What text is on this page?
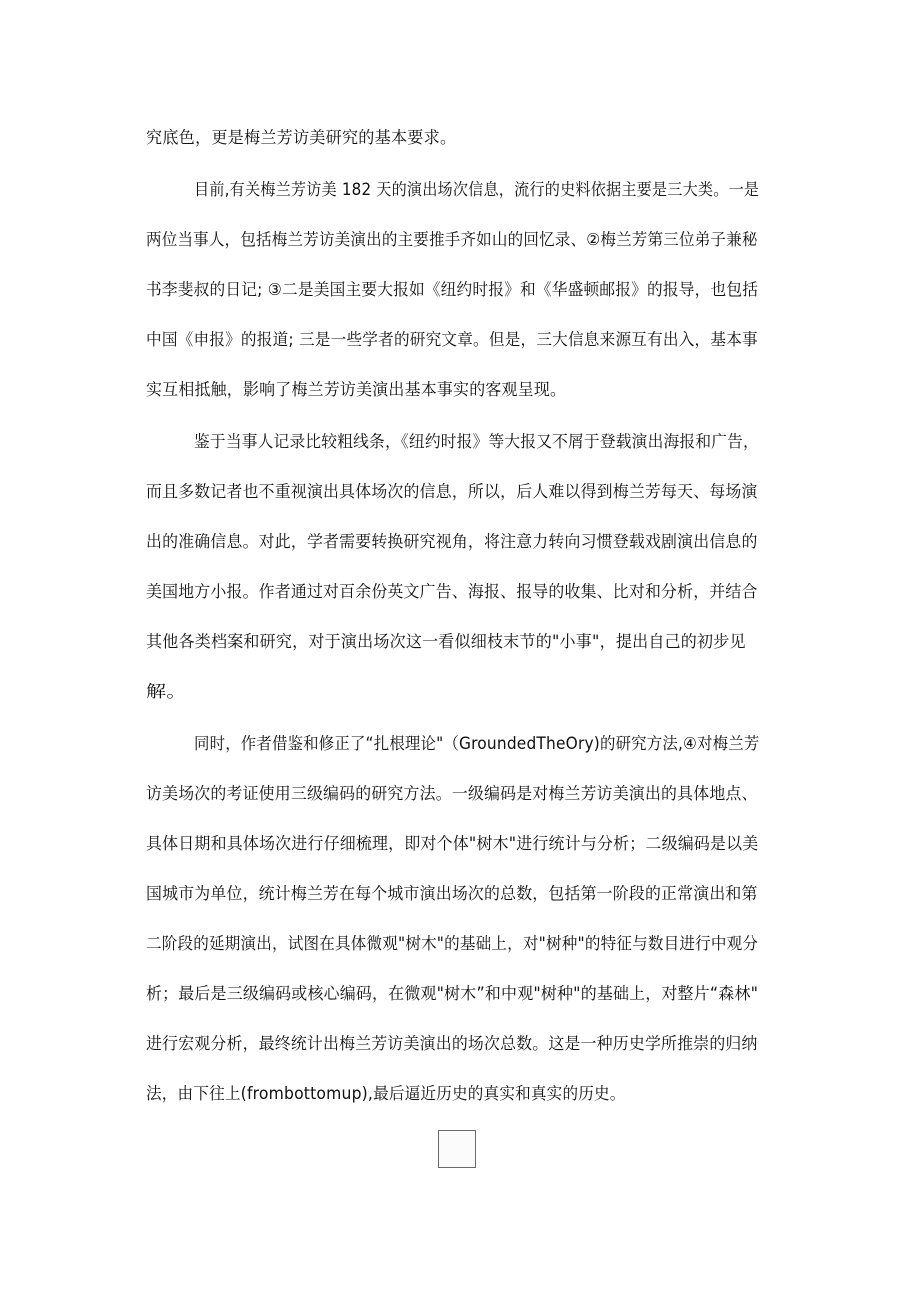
究底色，更是梅兰芳访美研究的基本要求。
目前,有关梅兰芳访美 182 天的演出场次信息，流行的史料依据主要是三大类。一是
两位当事人，包括梅兰芳访美演出的主要推手齐如山的回忆录、②梅兰芳第三位弟子兼秘
书李斐叔的日记; ③二是美国主要大报如《纽约时报》和《华盛顿邮报》的报导，也包括
中国《申报》的报道; 三是一些学者的研究文章。但是，三大信息来源互有出入，基本事
实互相抵触，影响了梅兰芳访美演出基本事实的客观呈现。
鉴于当事人记录比较粗线条，《纽约时报》等大报又不屑于登载演出海报和广告，
而且多数记者也不重视演出具体场次的信息，所以，后人难以得到梅兰芳每天、每场演
出的准确信息。对此，学者需要转换研究视角，将注意力转向习惯登载戏剧演出信息的
美国地方小报。作者通过对百余份英文广告、海报、报导的收集、比对和分析，并结合
其他各类档案和研究，对于演出场次这一看似细枝末节的"小事"，提出自己的初步见
解。
同时，作者借鉴和修正了“扎根理论"（GroundedTheOry)的研究方法,④对梅兰芳
访美场次的考证使用三级编码的研究方法。一级编码是对梅兰芳访美演出的具体地点、
具体日期和具体场次进行仔细梳理，即对个体"树木"进行统计与分析；二级编码是以美
国城市为单位，统计梅兰芳在每个城市演出场次的总数，包括第一阶段的正常演出和第
二阶段的延期演出，试图在具体微观"树木"的基础上，对"树种"的特征与数目进行中观分
析；最后是三级编码或核心编码，在微观"树木”和中观"树种"的基础上，对整片“森林"
进行宏观分析，最终统计出梅兰芳访美演出的场次总数。这是一种历史学所推崇的归纳
法，由下往上(frombottomup),最后逼近历史的真实和真实的历史。
